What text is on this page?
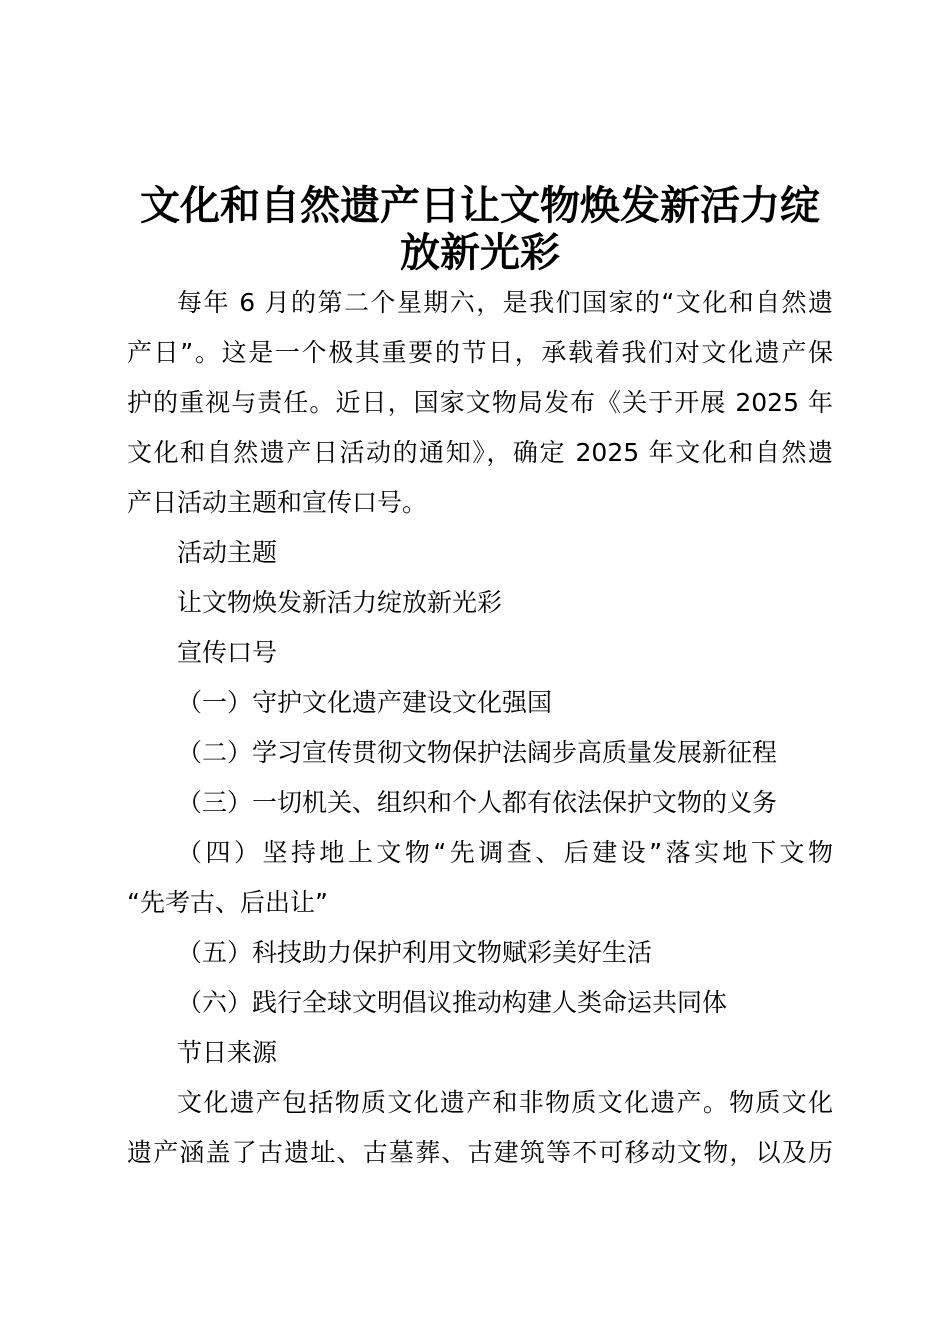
文化和自然遗产日让文物焕发新活力绽
放新光彩
每年 6 月的第二个星期六，是我们国家的“文化和自然遗
产日”。这是一个极其重要的节日，承载着我们对文化遗产保
护的重视与责任。近日，国家文物局发布《关于开展 2025 年
文化和自然遗产日活动的通知》，确定 2025 年文化和自然遗
产日活动主题和宣传口号。
活动主题
让文物焕发新活力绽放新光彩
宣传口号
（一）守护文化遗产建设文化强国
（二）学习宣传贯彻文物保护法阔步高质量发展新征程
（三）一切机关、组织和个人都有依法保护文物的义务
（四）坚持地上文物“先调查、后建设”落实地下文物
“先考古、后出让”
（五）科技助力保护利用文物赋彩美好生活
（六）践行全球文明倡议推动构建人类命运共同体
节日来源
文化遗产包括物质文化遗产和非物质文化遗产。物质文化
遗产涵盖了古遗址、古墓葬、古建筑等不可移动文物，以及历
